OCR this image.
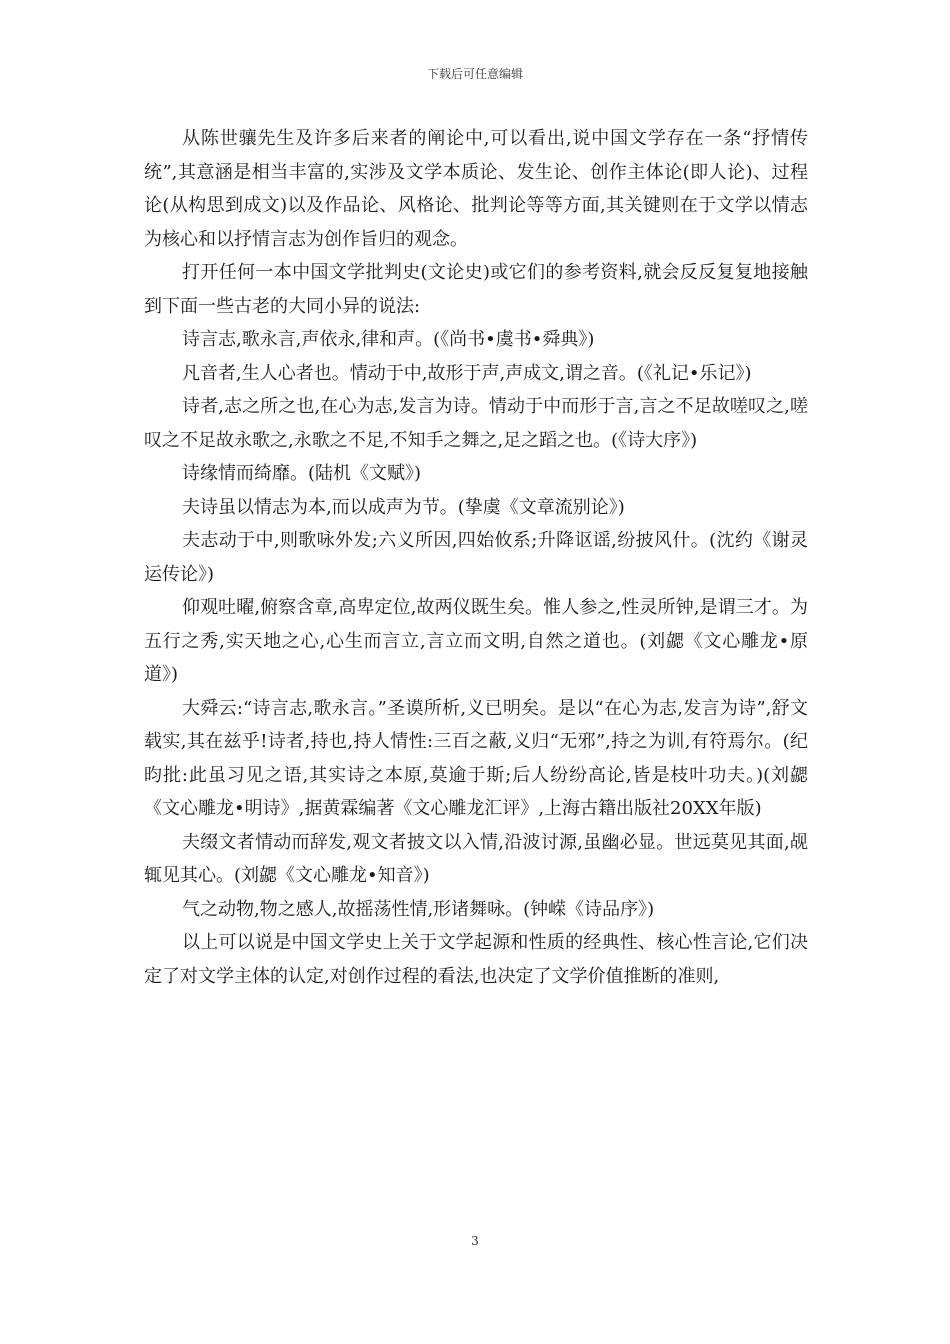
下载后可任意编辑

从陈世骧先生及许多后来者的阐论中,可以看出,说中国文学存在一条“抒情传统”,其意涵是相当丰富的,实涉及文学本质论、发生论、创作主体论(即人论)、过程论(从构思到成文)以及作品论、风格论、批判论等等方面,其关键则在于文学以情志为核心和以抒情言志为创作旨归的观念。

打开任何一本中国文学批判史(文论史)或它们的参考资料,就会反反复复地接触到下面一些古老的大同小异的说法:

诗言志,歌永言,声依永,律和声。(《尚书•虞书•舜典》)

凡音者,生人心者也。情动于中,故形于声,声成文,谓之音。(《礼记•乐记》)

诗者,志之所之也,在心为志,发言为诗。情动于中而形于言,言之不足故嗟叹之,嗟叹之不足故永歌之,永歌之不足,不知手之舞之,足之蹈之也。(《诗大序》)

诗缘情而绮靡。(陆机《文赋》)

夫诗虽以情志为本,而以成声为节。(挚虞《文章流别论》)

夫志动于中,则歌咏外发;六义所因,四始攸系;升降讴谣,纷披风什。(沈约《谢灵运传论》)

仰观吐曜,俯察含章,高卑定位,故两仪既生矣。惟人参之,性灵所钟,是谓三才。为五行之秀,实天地之心,心生而言立,言立而文明,自然之道也。(刘勰《文心雕龙•原道》)

大舜云:“诗言志,歌永言。”圣谟所析,义已明矣。是以“在心为志,发言为诗”,舒文载实,其在兹乎!诗者,持也,持人情性:三百之蔽,义归“无邪”,持之为训,有符焉尔。(纪昀批:此虽习见之语,其实诗之本原,莫逾于斯;后人纷纷高论,皆是枝叶功夫。)(刘勰《文心雕龙•明诗》,据黄霖编著《文心雕龙汇评》,上海古籍出版社20XX年版)

夫缀文者情动而辞发,观文者披文以入情,沿波讨源,虽幽必显。世远莫见其面,觇辄见其心。(刘勰《文心雕龙•知音》)

气之动物,物之感人,故摇荡性情,形诸舞咏。(钟嵘《诗品序》)

以上可以说是中国文学史上关于文学起源和性质的经典性、核心性言论,它们决定了对文学主体的认定,对创作过程的看法,也决定了文学价值推断的准则,

3
